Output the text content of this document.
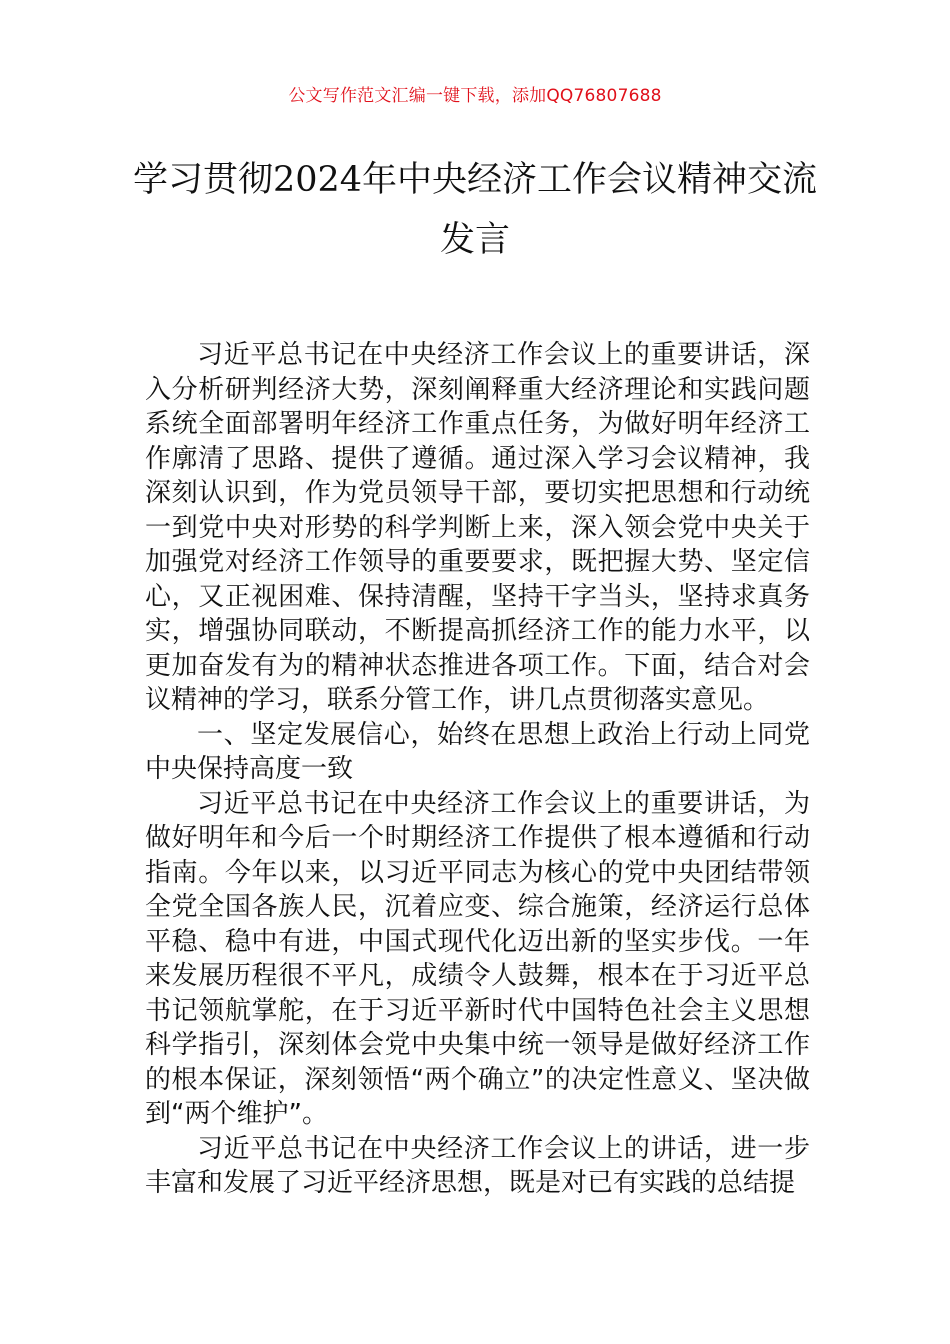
公文写作范文汇编一键下载，添加QQ76807688
学习贯彻2024年中央经济工作会议精神交流发言

习近平总书记在中央经济工作会议上的重要讲话，深入分析研判经济大势，深刻阐释重大经济理论和实践问题系统全面部署明年经济工作重点任务，为做好明年经济工作廓清了思路、提供了遵循。通过深入学习会议精神，我深刻认识到，作为党员领导干部，要切实把思想和行动统一到党中央对形势的科学判断上来，深入领会党中央关于加强党对经济工作领导的重要要求，既把握大势、坚定信心，又正视困难、保持清醒，坚持干字当头，坚持求真务实，增强协同联动，不断提高抓经济工作的能力水平，以更加奋发有为的精神状态推进各项工作。下面，结合对会议精神的学习，联系分管工作，讲几点贯彻落实意见。

一、坚定发展信心，始终在思想上政治上行动上同党中央保持高度一致

习近平总书记在中央经济工作会议上的重要讲话，为做好明年和今后一个时期经济工作提供了根本遵循和行动指南。今年以来，以习近平同志为核心的党中央团结带领全党全国各族人民，沉着应变、综合施策，经济运行总体平稳、稳中有进，中国式现代化迈出新的坚实步伐。一年来发展历程很不平凡，成绩令人鼓舞，根本在于习近平总书记领航掌舵，在于习近平新时代中国特色社会主义思想科学指引，深刻体会党中央集中统一领导是做好经济工作的根本保证，深刻领悟“两个确立”的决定性意义、坚决做到“两个维护”。

习近平总书记在中央经济工作会议上的讲话，进一步丰富和发展了习近平经济思想，既是对已有实践的总结提
